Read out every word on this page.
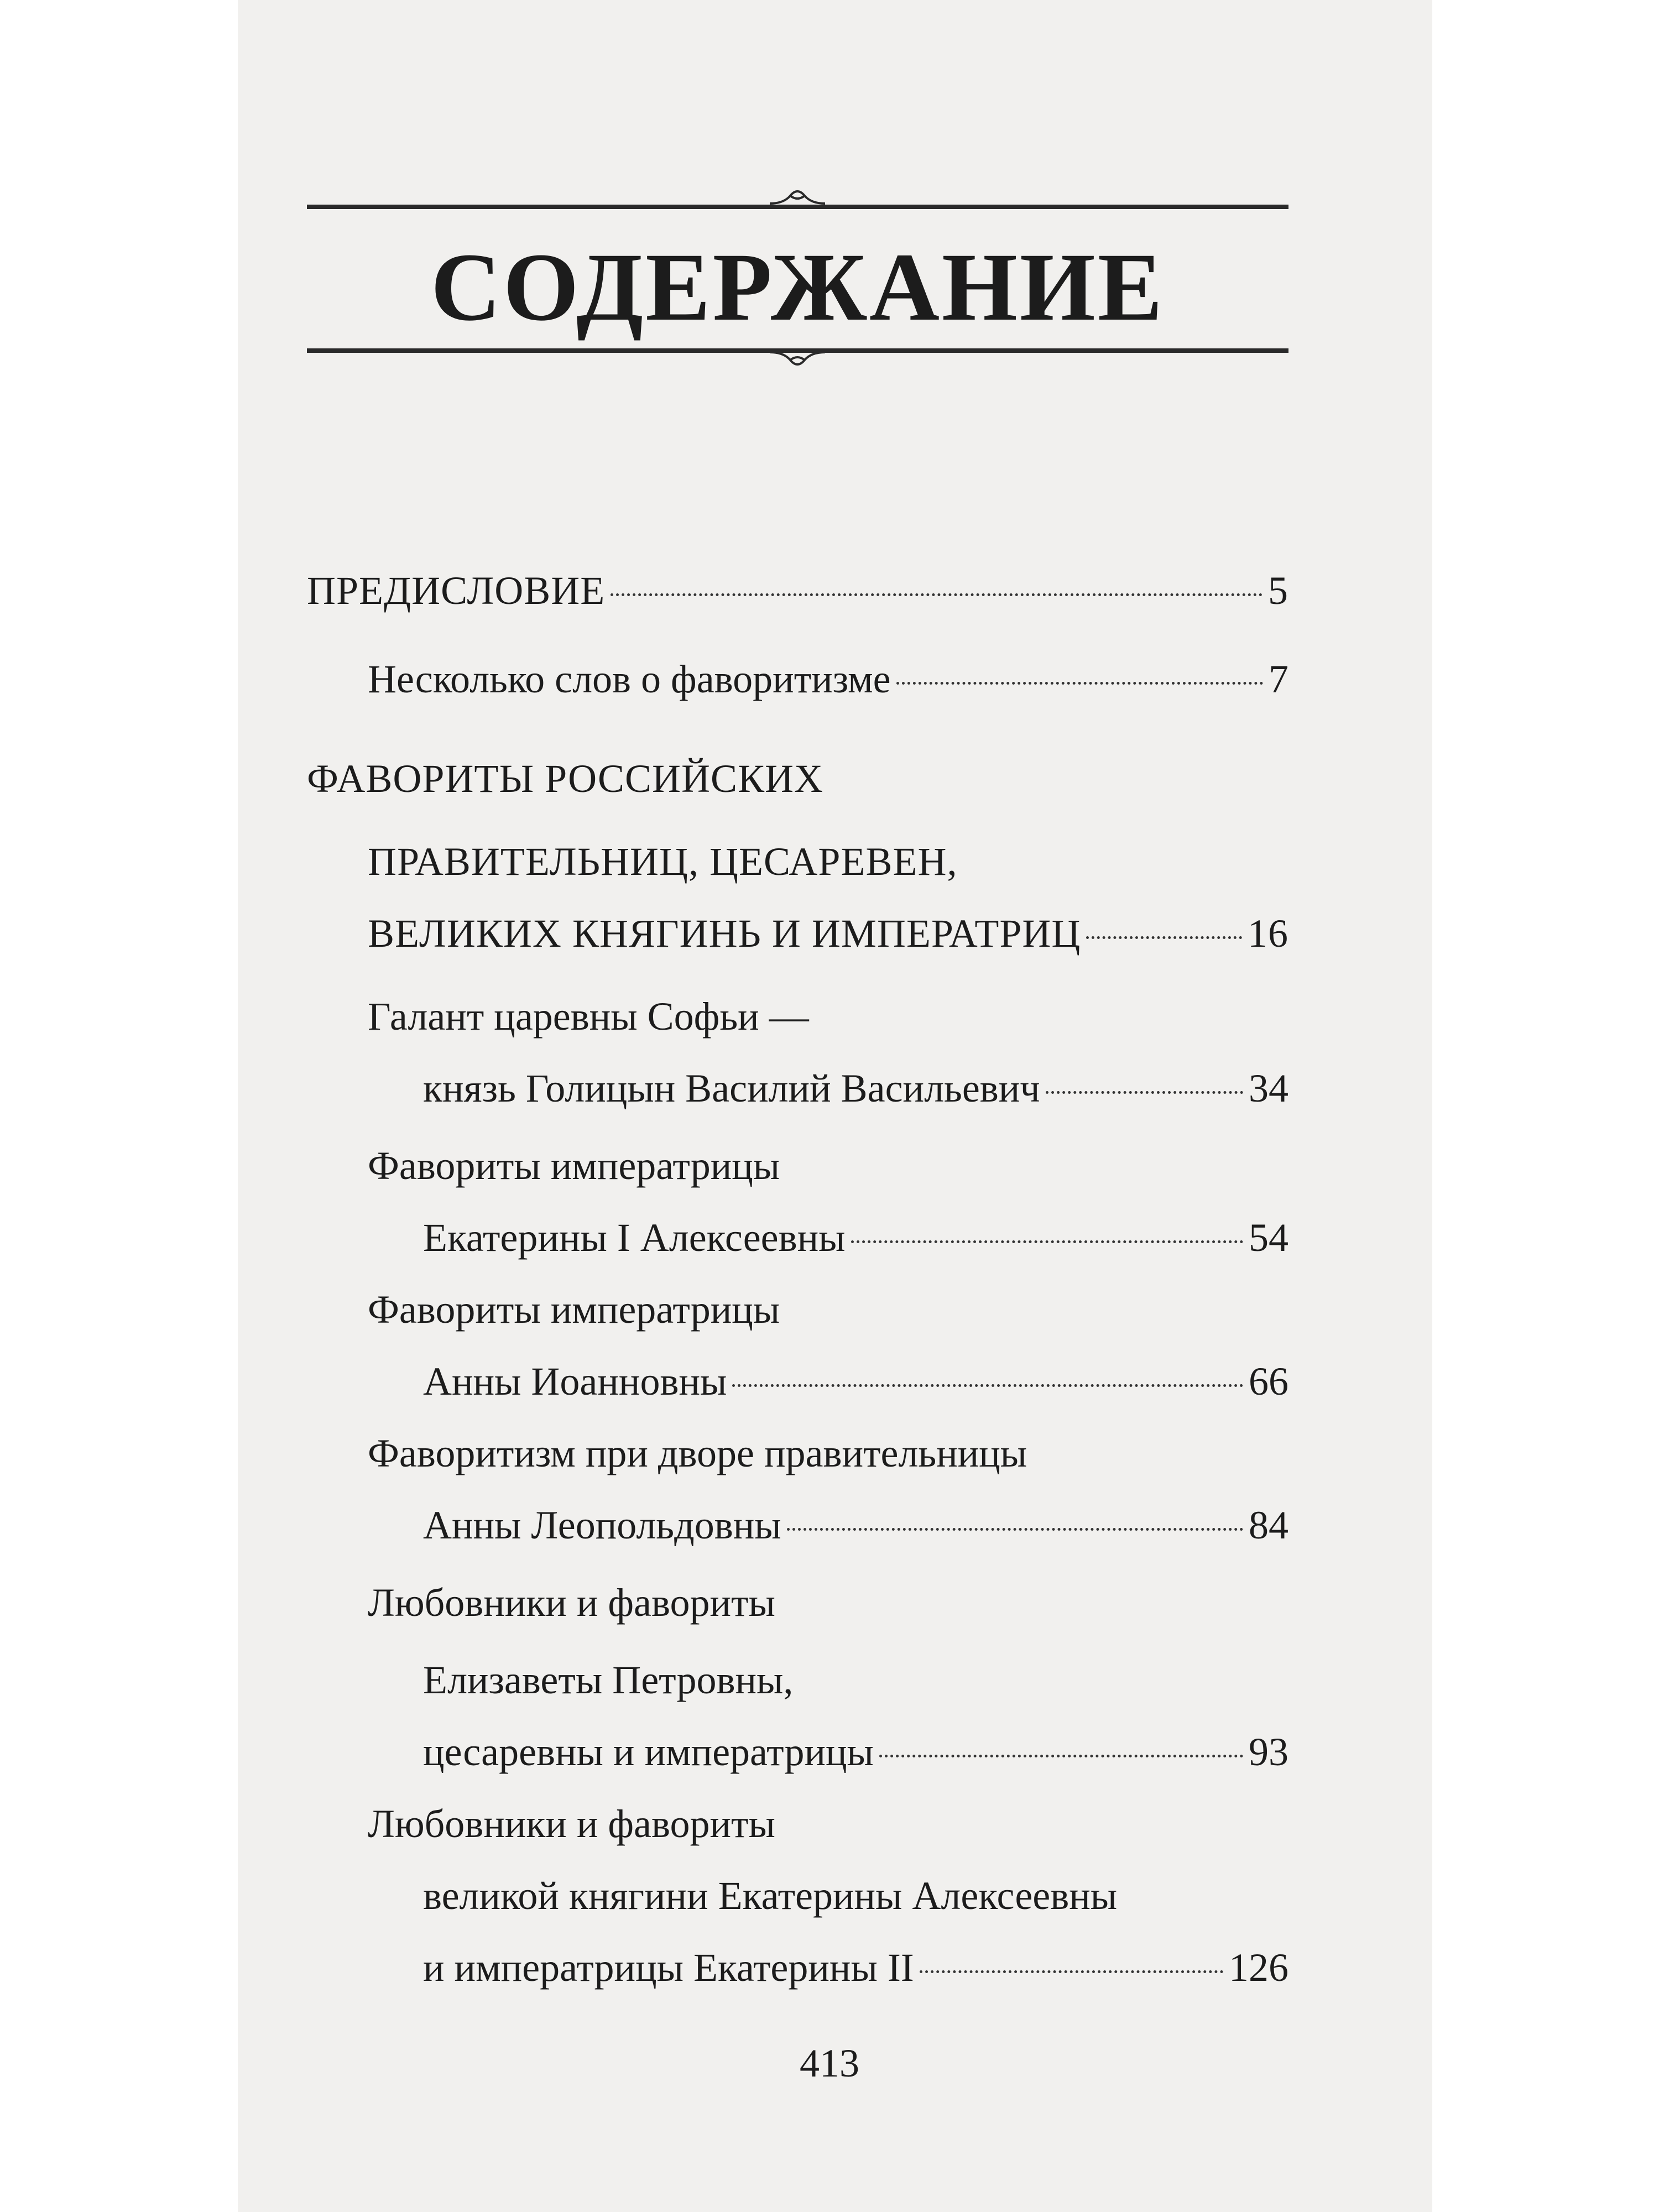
СОДЕРЖАНИЕ
ПРЕДИСЛОВИЕ	5
Несколько слов о фаворитизме	7
ФАВОРИТЫ РОССИЙСКИХ
ПРАВИТЕЛЬНИЦ, ЦЕСАРЕВЕН,
ВЕЛИКИХ КНЯГИНЬ И ИМПЕРАТРИЦ	16
Галант царевны Софьи —
князь Голицын Василий Васильевич	34
Фавориты императрицы
Екатерины I Алексеевны	54
Фавориты императрицы
Анны Иоанновны	66
Фаворитизм при дворе правительницы
Анны Леопольдовны	84
Любовники и фавориты
Елизаветы Петровны,
цесаревны и императрицы	93
Любовники и фавориты
великой княгини Екатерины Алексеевны
и императрицы Екатерины II	126
413
